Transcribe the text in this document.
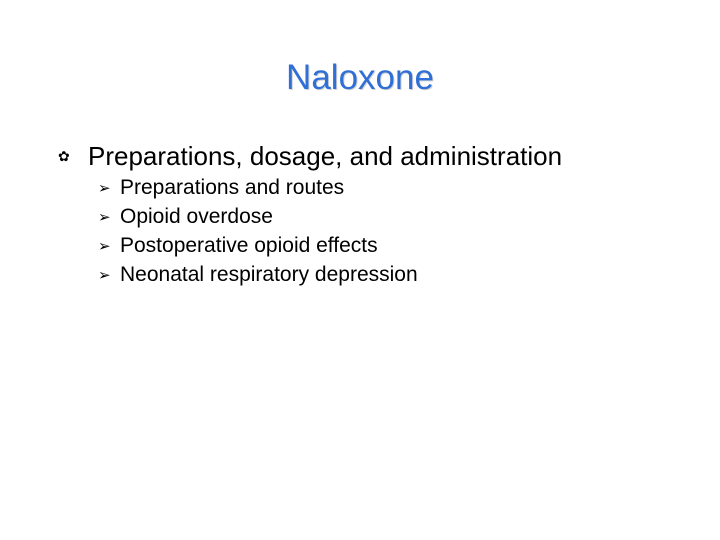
Naloxone
✿ Preparations, dosage, and administration
➢ Preparations and routes
➢ Opioid overdose
➢ Postoperative opioid effects
➢ Neonatal respiratory depression
